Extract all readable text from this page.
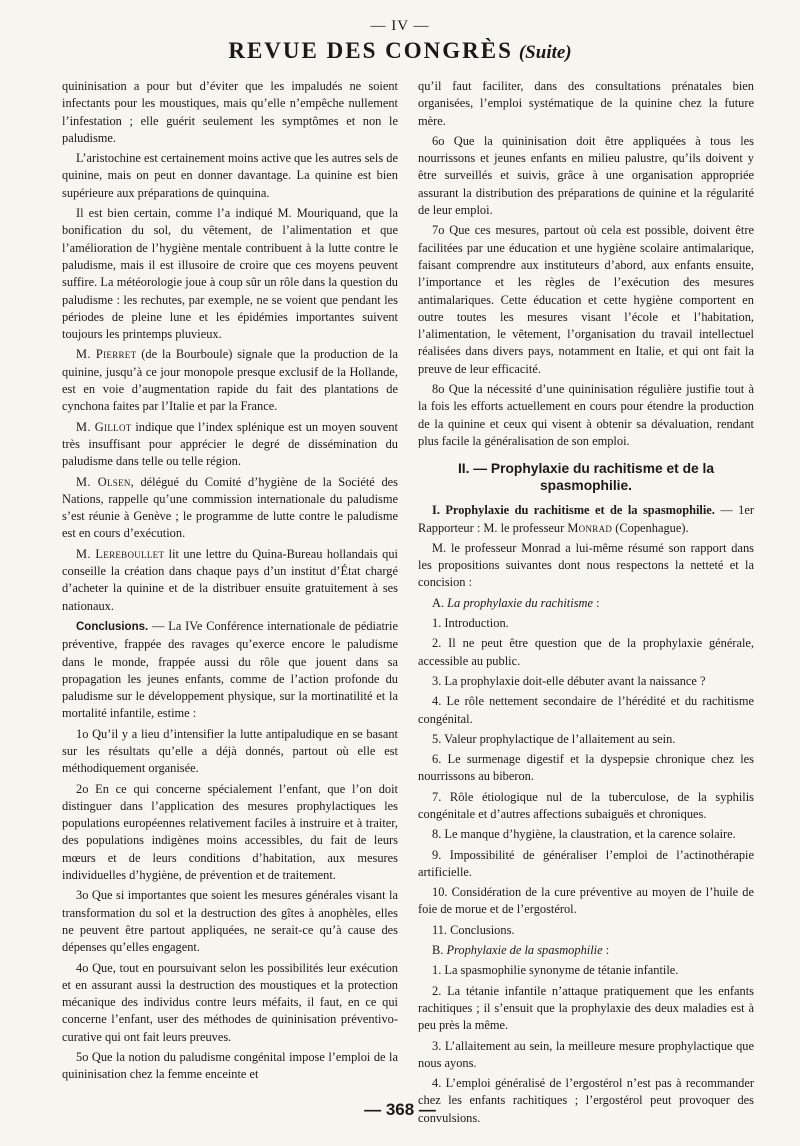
— IV —
REVUE DES CONGRÈS (Suite)

quininisation a pour but d’éviter que les impaludés ne soient infectants pour les moustiques, mais qu’elle n’empêche nullement l’infestation ; elle guérit seulement les symptômes et non le paludisme.

L’aristochine est certainement moins active que les autres sels de quinine, mais on peut en donner davantage. La quinine est bien supérieure aux préparations de quinquina.

Il est bien certain, comme l’a indiqué M. Mouriquand, que la bonification du sol, du vêtement, de l’alimentation et que l’amélioration de l’hygiène mentale contribuent à la lutte contre le paludisme, mais il est illusoire de croire que ces moyens peuvent suffire. La météorologie joue à coup sûr un rôle dans la question du paludisme : les rechutes, par exemple, ne se voient que pendant les périodes de pleine lune et les épidémies importantes suivent toujours les printemps pluvieux.

M. Pierret (de la Bourboule) signale que la production de la quinine, jusqu’à ce jour monopole presque exclusif de la Hollande, est en voie d’augmentation rapide du fait des plantations de cynchona faites par l’Italie et par la France.

M. Gillot indique que l’index splénique est un moyen souvent très insuffisant pour apprécier le degré de dissémination du paludisme dans telle ou telle région.

M. Olsen, délégué du Comité d’hygiène de la Société des Nations, rappelle qu’une commission internationale du paludisme s’est réunie à Genève ; le programme de lutte contre le paludisme est en cours d’exécution.

M. Lereboullet lit une lettre du Quina-Bureau hollandais qui conseille la création dans chaque pays d’un institut d’État chargé d’acheter la quinine et de la distribuer ensuite gratuitement à ses nationaux.

Conclusions. — La IVe Conférence internationale de pédiatrie préventive, frappée des ravages qu’exerce encore le paludisme dans le monde, frappée aussi du rôle que jouent dans sa propagation les jeunes enfants, comme de l’action profonde du paludisme sur le développement physique, sur la mortinatilité et la mortalité infantile, estime :

1o Qu’il y a lieu d’intensifier la lutte antipaludique en se basant sur les résultats qu’elle a déjà donnés, partout où elle est méthodiquement organisée.

2o En ce qui concerne spécialement l’enfant, que l’on doit distinguer dans l’application des mesures prophylactiques les populations européennes relativement faciles à instruire et à traiter, des populations indigènes moins accessibles, du fait de leurs mœurs et de leurs conditions d’habitation, aux mesures individuelles d’hygiène, de prévention et de traitement.

3o Que si importantes que soient les mesures générales visant la transformation du sol et la destruction des gîtes à anophèles, elles ne peuvent être partout appliquées, ne serait-ce qu’à cause des dépenses qu’elles engagent.

4o Que, tout en poursuivant selon les possibilités leur exécution et en assurant aussi la destruction des moustiques et la protection mécanique des individus contre leurs méfaits, il faut, en ce qui concerne l’enfant, user des méthodes de quininisation préventivo-curative qui ont fait leurs preuves.

5o Que la notion du paludisme congénital impose l’emploi de la quininisation chez la femme enceinte et

qu’il faut faciliter, dans des consultations prénatales bien organisées, l’emploi systématique de la quinine chez la future mère.

6o Que la quininisation doit être appliquées à tous les nourrissons et jeunes enfants en milieu palustre, qu’ils doivent y être surveillés et suivis, grâce à une organisation appropriée assurant la distribution des préparations de quinine et la régularité de leur emploi.

7o Que ces mesures, partout où cela est possible, doivent être facilitées par une éducation et une hygiène scolaire antimalarique, faisant comprendre aux instituteurs d’abord, aux enfants ensuite, l’importance et les règles de l’exécution des mesures antimalariques. Cette éducation et cette hygiène comportent en outre toutes les mesures visant l’école et l’habitation, l’alimentation, le vêtement, l’organisation du travail intellectuel réalisées dans divers pays, notamment en Italie, et qui ont fait la preuve de leur efficacité.

8o Que la nécessité d’une quininisation régulière justifie tout à la fois les efforts actuellement en cours pour étendre la production de la quinine et ceux qui visent à obtenir sa dévaluation, rendant plus facile la généralisation de son emploi.

II. — Prophylaxie du rachitisme et de la spasmophilie.

I. Prophylaxie du rachitisme et de la spasmophilie. — 1er Rapporteur : M. le professeur Monrad (Copenhague).

M. le professeur Monrad a lui-même résumé son rapport dans les propositions suivantes dont nous respectons la netteté et la concision :

A. La prophylaxie du rachitisme :

1. Introduction.

2. Il ne peut être question que de la prophylaxie générale, accessible au public.

3. La prophylaxie doit-elle débuter avant la naissance ?

4. Le rôle nettement secondaire de l’hérédité et du rachitisme congénital.

5. Valeur prophylactique de l’allaitement au sein.

6. Le surmenage digestif et la dyspepsie chronique chez les nourrissons au biberon.

7. Rôle étiologique nul de la tuberculose, de la syphilis congénitale et d’autres affections subaiguës et chroniques.

8. Le manque d’hygiène, la claustration, et la carence solaire.

9. Impossibilité de généraliser l’emploi de l’actinothérapie artificielle.

10. Considération de la cure préventive au moyen de l’huile de foie de morue et de l’ergostérol.

11. Conclusions.

B. Prophylaxie de la spasmophilie :

1. La spasmophilie synonyme de tétanie infantile.

2. La tétanie infantile n’attaque pratiquement que les enfants rachitiques ; il s’ensuit que la prophylaxie des deux maladies est à peu près la même.

3. L’allaitement au sein, la meilleure mesure prophylactique que nous ayons.

4. L’emploi généralisé de l’ergostérol n’est pas à recommander chez les enfants rachitiques ; l’ergostérol peut provoquer des convulsions.

— 368 —
